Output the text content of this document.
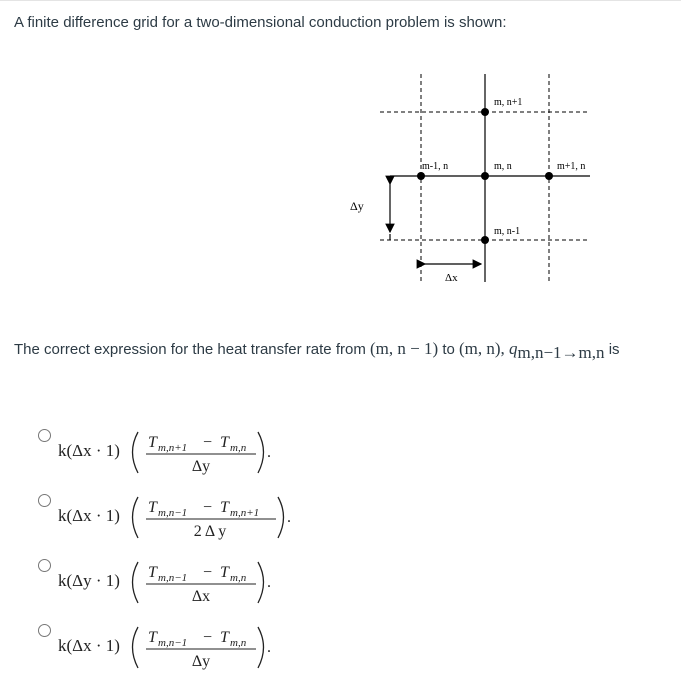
A finite difference grid for a two-dimensional conduction problem is shown:
m, n+1
m-1, n	m, n	m+1, n
m, n-1
Δy
Δx
The correct expression for the heat transfer rate from (m, n − 1) to (m, n), $q_{m,n-1\to m,n}$ is
k(Δx · 1) T m,n+1 − T m,n
Δy
.
k(Δx · 1) T m,n−1 − T m,n+1
2 Δ y
.
k(Δy · 1) T m,n−1 − T m,n
Δx
.
k(Δx · 1) T m,n−1 − T m,n
Δy
.
